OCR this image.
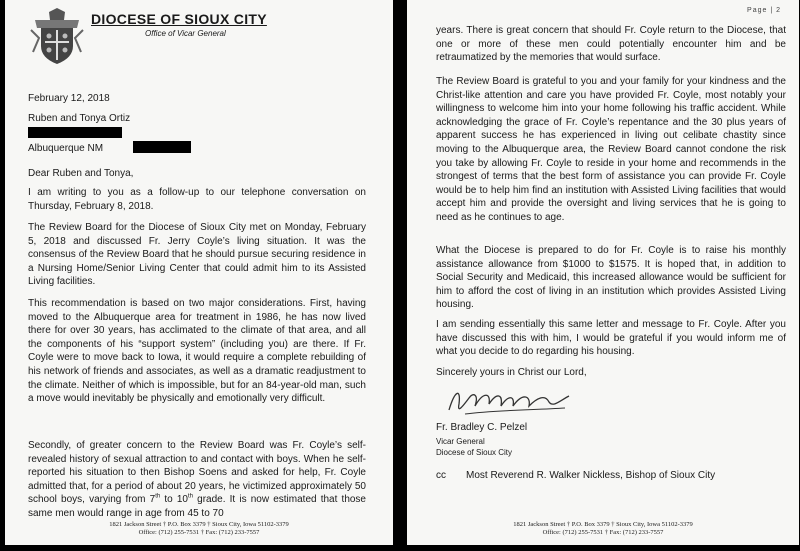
DIOCESE OF SIOUX CITY
Office of Vicar General
February 12, 2018
Ruben and Tonya Ortiz
Albuquerque NM
Dear Ruben and Tonya,

I am writing to you as a follow-up to our telephone conversation on Thursday, February 8, 2018.

The Review Board for the Diocese of Sioux City met on Monday, February 5, 2018 and discussed Fr. Jerry Coyle’s living situation. It was the consensus of the Review Board that he should pursue securing residence in a Nursing Home/Senior Living Center that could admit him to its Assisted Living facilities.

This recommendation is based on two major considerations. First, having moved to the Albuquerque area for treatment in 1986, he has now lived there for over 30 years, has acclimated to the climate of that area, and all the components of his “support system” (including you) are there. If Fr. Coyle were to move back to Iowa, it would require a complete rebuilding of his network of friends and associates, as well as a dramatic readjustment to the climate. Neither of which is impossible, but for an 84-year-old man, such a move would inevitably be physically and emotionally very difficult.

Secondly, of greater concern to the Review Board was Fr. Coyle’s self-revealed history of sexual attraction to and contact with boys. When he self-reported his situation to then Bishop Soens and asked for help, Fr. Coyle admitted that, for a period of about 20 years, he victimized approximately 50 school boys, varying from 7th to 10th grade. It is now estimated that those same men would range in age from 45 to 70

1821 Jackson Street † P.O. Box 3379 † Sioux City, Iowa 51102-3379
Office: (712) 255-7531 † Fax: (712) 233-7557
Page | 2

years. There is great concern that should Fr. Coyle return to the Diocese, that one or more of these men could potentially encounter him and be retraumatized by the memories that would surface.

The Review Board is grateful to you and your family for your kindness and the Christ-like attention and care you have provided Fr. Coyle, most notably your willingness to welcome him into your home following his traffic accident. While acknowledging the grace of Fr. Coyle’s repentance and the 30 plus years of apparent success he has experienced in living out celibate chastity since moving to the Albuquerque area, the Review Board cannot condone the risk you take by allowing Fr. Coyle to reside in your home and recommends in the strongest of terms that the best form of assistance you can provide Fr. Coyle would be to help him find an institution with Assisted Living facilities that would accept him and provide the oversight and living services that he is going to need as he continues to age.

What the Diocese is prepared to do for Fr. Coyle is to raise his monthly assistance allowance from $1000 to $1575. It is hoped that, in addition to Social Security and Medicaid, this increased allowance would be sufficient for him to afford the cost of living in an institution which provides Assisted Living housing.

I am sending essentially this same letter and message to Fr. Coyle. After you have discussed this with him, I would be grateful if you would inform me of what you decide to do regarding his housing.

Sincerely yours in Christ our Lord,
Fr. Bradley C. Pelzel
Vicar General
Diocese of Sioux City
cc Most Reverend R. Walker Nickless, Bishop of Sioux City
1821 Jackson Street † P.O. Box 3379 † Sioux City, Iowa 51102-3379
Office: (712) 255-7531 † Fax: (712) 233-7557
